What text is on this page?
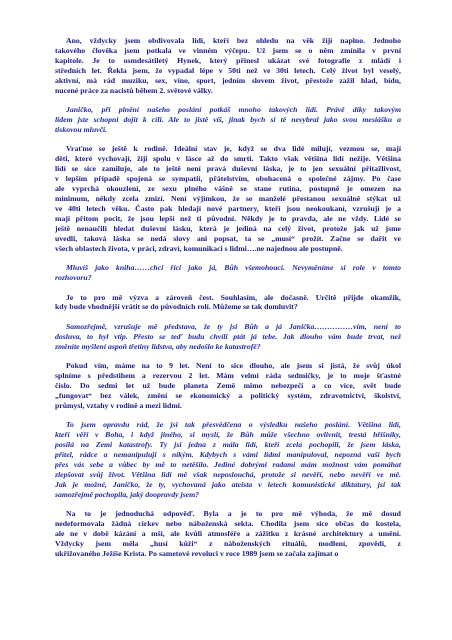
Ano, vždycky jsem obdivovala lidi, kteří bez ohledu na věk žijí naplno. Jednoho
takového člověka jsem potkala ve vinném výčepu. Už jsem se o něm zmínila v první
kapitole. Je to osmdesátiletý Hynek, který přinesl ukázat své fotografie z mládí i
středních let. Řekla jsem, že vypadal lépe v 50ti než ve 30ti letech. Celý život byl veselý,
aktivní, má rád muziku, sex, víno, sport, jedním slovem život, přestože zažil hlad, bídu,
nucené práce za nacistů během 2. světové války.
Janičko, při plnění našeho poslání potkáš mnoho takových lidí. Právě díky takovým
lidem jste schopni dojít k cíli. Ale to jistě víš, jinak bych si tě nevybral jako svou mesiášku a
tiskovou mluvčí.
Vraťme se ještě k rodině. Ideální stav je, když se dva lidé milují, vezmou se, mají
děti, které vychovají, žijí spolu v lásce až do smrti. Takto však většina lidí nežije. Většina
lidí se sice zamiluje, ale to ještě není pravá duševní láska, je to jen sexuální přitažlivost,
v lepším případě spojená se sympatií, přátelstvím, obohacená o společné zájmy. Po čase
ale vyprchá okouzlení, ze sexu plného vášně se stane rutina, postupně je omezen na
minimum, někdy zcela zmizí. Není výjimkou, že se manželé přestanou sexuálně stýkat už
ve 40ti letech věku. Často pak hledají nové partnery, kteří jsou neokoukaní, vzrušují je a
mají přitom pocit, že jsou lepší než ti původní. Někdy je to pravda, ale ne vždy. Lidé se
ještě nenaučili hledat duševní lásku, která je jediná na celý život, protože jak už jsme
uvedli, taková láska se nedá slovy ani popsat, ta se „musí“ prožít. Začne se dařit ve
všech oblastech života, v práci, zdraví, komunikaci s lidmi….ne najednou ale postupně.
Mluvíš jako kniha……chci říci jako já, Bůh všemohoucí. Nevyměníme si role v tomto
rozhovoru?
Je to pro mě výzva a zároveň čest. Souhlasím, ale dočasně. Určitě přijde okamžik,
kdy bude vhodnější vrátit se do původních rolí. Můžeme se tak domluvit?
Samozřejmě, vzrušuje mě představa, že ty jsi Bůh a já Janička……………vím, není to
dosluva, to hyl vtip. Přesto se teď budu chvíli ptát já tebe. Jak dlouho vám bude trvat, než
změníte myšlení aspoň třetiny lidstva, aby nedošlo ke katastrofě?
Pokud vím, máme na to 9 let. Není to sice dlouho, ale jsem si jistá, že svůj úkol
splníme s předstihem a rezervou 2 let. Mám velmi ráda sedmičky, je to moje šťastné
číslo. Do sedmi let už bude planeta Země mimo nebezpečí a co více, svět bude
„fungovat“ bez válek, změní se ekonomický a politický systém, zdravotnictví, školství,
průmysl, vztahy v rodině a mezi lidmi.
To jsem opravdu rád, že jsi tak přesvědčena o výsledku našeho poslání. Většina lidí,
kteří věří v Boha, i když jiného, si myslí, že Bůh může všechno ovlivnit, trestá hříšníky,
posílá na Zemi katastrofy. Ty jsi jedna z mála lidí, kteří zcela pochopili, že jsem láska,
přítel, rádce a nemanipuluji s nikým. Kdybych s vámi lidmi manipuloval, nepozná vaší bych
přes vás sebe a vůbec by mě to netěšilo. Jediné dobrými radami mám možnost vám pomáhat
zlepšovat svůj život. Většina lidí mě však neposlouchá, protože si nevěří, nebo nevěří ve mě.
Jak je možné, Janičko, že ty, vychovaná jako ateista v letech komunistické diktatury, jsi tak
samozřejmě pochopila, jaký doopravdy jsem?
Na to je jednoduchá odpověď. Byla a je to pro mě výhoda, že mě dosud
nedeformovala žádná církev nebo náboženská sekta. Chodila jsem sice občas do kostela,
ale ne v době kázání a mší, ale kvůli atmosféře a zážitku z krásné architektury a umění.
Vždycky jsem měla „husí kůži“ z náboženských rituálů, modlení, zpovědí, z
ukřižovaného Ježíše Krista. Po sametové revoluci v roce 1989 jsem se začala zajímat o
